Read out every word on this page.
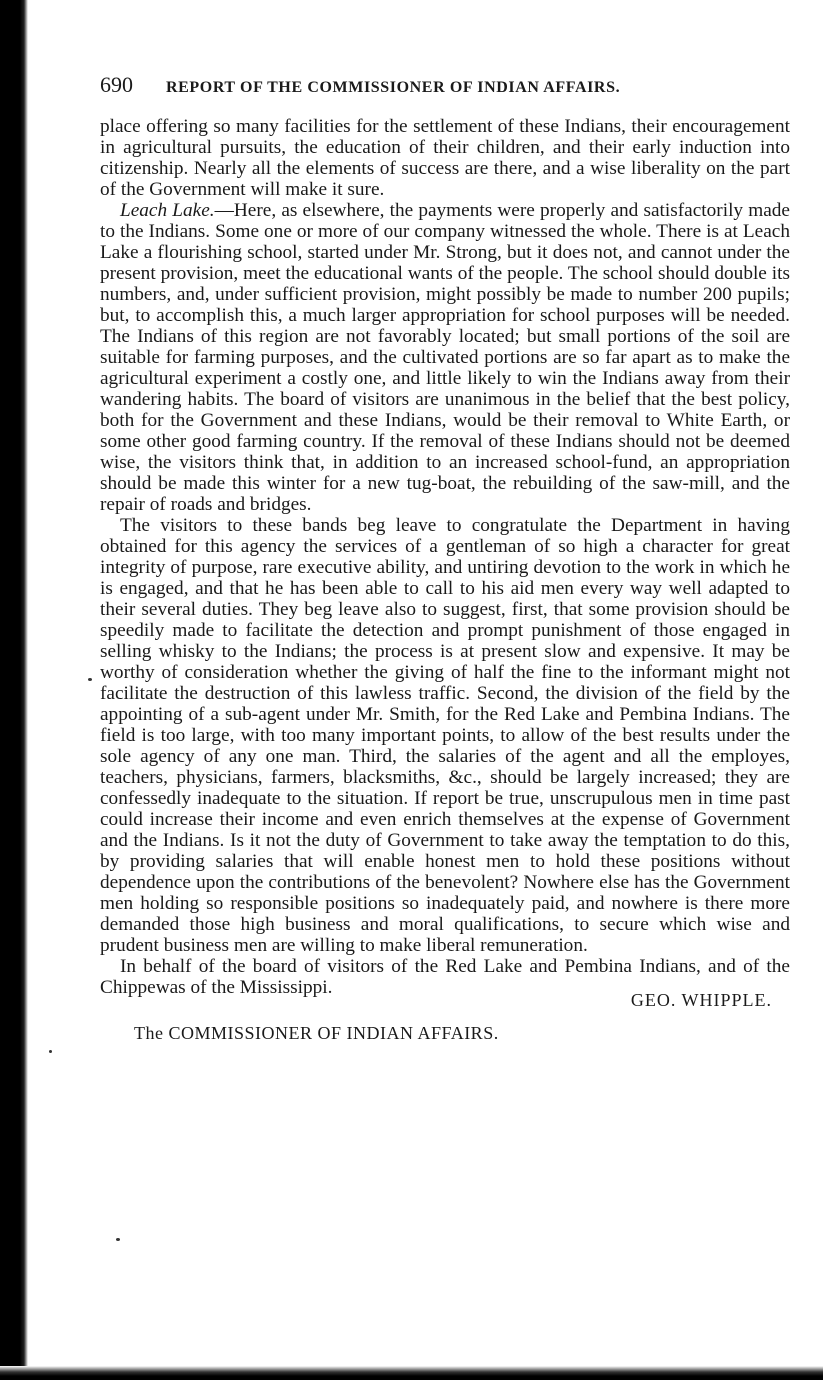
690	REPORT OF THE COMMISSIONER OF INDIAN AFFAIRS.

place offering so many facilities for the settlement of these Indians, their encouragement in agricultural pursuits, the education of their children, and their early induction into citizenship. Nearly all the elements of success are there, and a wise liberality on the part of the Government will make it sure.

Leach Lake.—Here, as elsewhere, the payments were properly and satisfactorily made to the Indians. Some one or more of our company witnessed the whole. There is at Leach Lake a flourishing school, started under Mr. Strong, but it does not, and cannot under the present provision, meet the educational wants of the people. The school should double its numbers, and, under sufficient provision, might possibly be made to number 200 pupils; but, to accomplish this, a much larger appropriation for school purposes will be needed. The Indians of this region are not favorably located; but small portions of the soil are suitable for farming purposes, and the cultivated portions are so far apart as to make the agricultural experiment a costly one, and little likely to win the Indians away from their wandering habits. The board of visitors are unanimous in the belief that the best policy, both for the Government and these Indians, would be their removal to White Earth, or some other good farming country. If the removal of these Indians should not be deemed wise, the visitors think that, in addition to an increased school-fund, an appropriation should be made this winter for a new tug-boat, the rebuilding of the saw-mill, and the repair of roads and bridges.

The visitors to these bands beg leave to congratulate the Department in having obtained for this agency the services of a gentleman of so high a character for great integrity of purpose, rare executive ability, and untiring devotion to the work in which he is engaged, and that he has been able to call to his aid men every way well adapted to their several duties. They beg leave also to suggest, first, that some provision should be speedily made to facilitate the detection and prompt punishment of those engaged in selling whisky to the Indians; the process is at present slow and expensive. It may be worthy of consideration whether the giving of half the fine to the informant might not facilitate the destruction of this lawless traffic. Second, the division of the field by the appointing of a sub-agent under Mr. Smith, for the Red Lake and Pembina Indians. The field is too large, with too many important points, to allow of the best results under the sole agency of any one man. Third, the salaries of the agent and all the employes, teachers, physicians, farmers, blacksmiths, &c., should be largely increased; they are confessedly inadequate to the situation. If report be true, unscrupulous men in time past could increase their income and even enrich themselves at the expense of Government and the Indians. Is it not the duty of Government to take away the temptation to do this, by providing salaries that will enable honest men to hold these positions without dependence upon the contributions of the benevolent? Nowhere else has the Government men holding so responsible positions so inadequately paid, and nowhere is there more demanded those high business and moral qualifications, to secure which wise and prudent business men are willing to make liberal remuneration.

In behalf of the board of visitors of the Red Lake and Pembina Indians, and of the Chippewas of the Mississippi.

GEO. WHIPPLE.
The COMMISSIONER OF INDIAN AFFAIRS.
